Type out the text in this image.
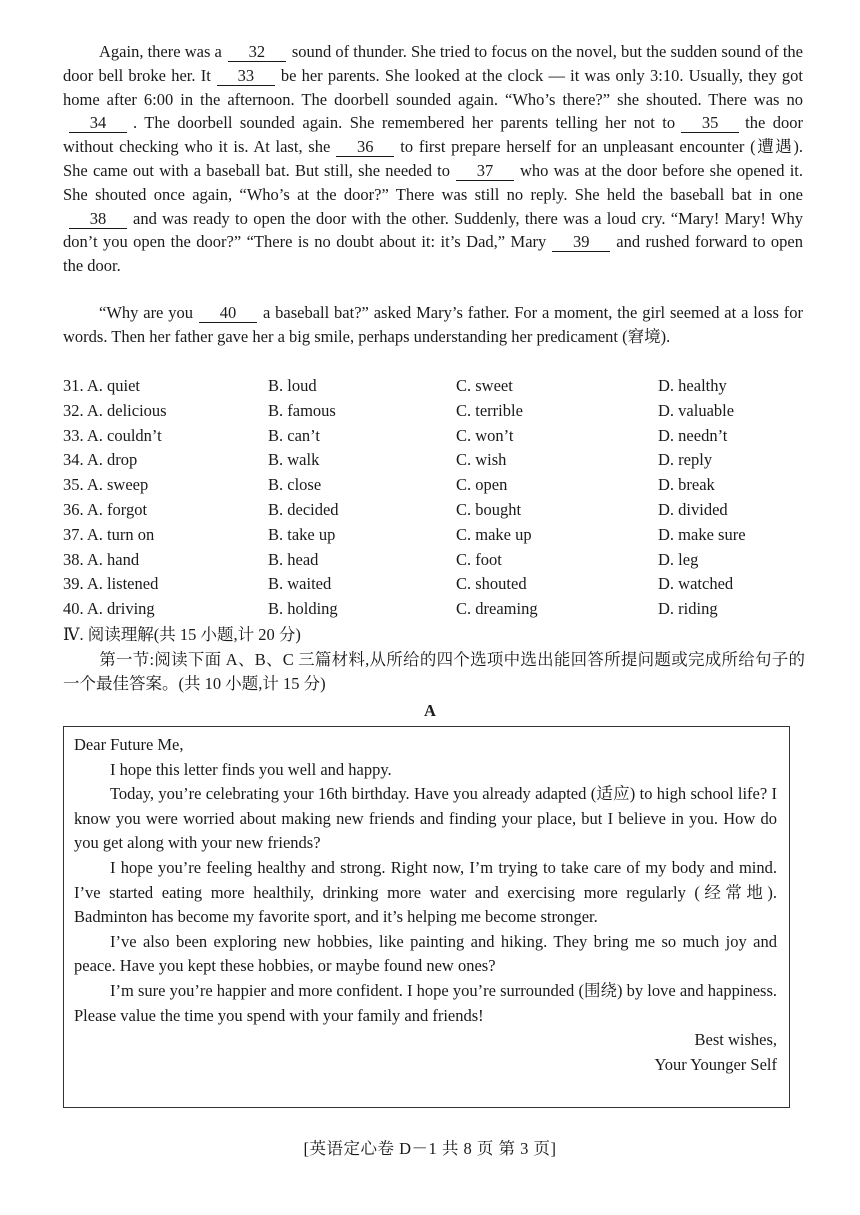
Again, there was a 32 sound of thunder. She tried to focus on the novel, but the sudden sound of the door bell broke her. It 33 be her parents. She looked at the clock — it was only 3:10. Usually, they got home after 6:00 in the afternoon. The doorbell sounded again. “Who’s there?” she shouted. There was no34 . The doorbell sounded again. She remembered her parents telling her not to 35 the door without checking who it is. At last, she 36 to first prepare herself for an unpleasant encounter (遭遇). She came out with a baseball bat. But still, she needed to 37 who was at the door before she opened it. She shouted once again, “Who’s at the door?” There was still no reply. She held the baseball bat in one38 and was ready to open the door with the other. Suddenly, there was a loud cry. “Mary! Mary! Why don’t you open the door?” “There is no doubt about it: it’s Dad,” Mary 39 and rushed forward to open the door.

“Why are you 40 a baseball bat?” asked Mary’s father. For a moment, the girl seemed at a loss for words. Then her father gave her a big smile, perhaps understanding her predicament (窘境).

31. A. quiet	B. loud	C. sweet	D. healthy
32. A. delicious	B. famous	C. terrible	D. valuable
33. A. couldn’t	B. can’t	C. won’t	D. needn’t
34. A. drop	B. walk	C. wish	D. reply
35. A. sweep	B. close	C. open	D. break
36. A. forgot	B. decided	C. bought	D. divided
37. A. turn on	B. take up	C. make up	D. make sure
38. A. hand	B. head	C. foot	D. leg
39. A. listened	B. waited	C. shouted	D. watched
40. A. driving	B. holding	C. dreaming	D. riding
Ⅳ. 阅读理解(共 15 小题,计 20 分)
第一节:阅读下面 A、B、C 三篇材料,从所给的四个选项中选出能回答所提问题或完成所给句子的一个最佳答案。(共 10 小题,计 15 分)
A

Dear Future Me,

I hope this letter finds you well and happy.

Today, you’re celebrating your 16th birthday. Have you already adapted (适应) to high school life? I know you were worried about making new friends and finding your place, but I believe in you. How do you get along with your new friends?

I hope you’re feeling healthy and strong. Right now, I’m trying to take care of my body and mind. I’ve started eating more healthily, drinking more water and exercising more regularly (经常地). Badminton has become my favorite sport, and it’s helping me become stronger.

I’ve also been exploring new hobbies, like painting and hiking. They bring me so much joy and peace. Have you kept these hobbies, or maybe found new ones?

I’m sure you’re happier and more confident. I hope you’re surrounded (围绕) by love and happiness. Please value the time you spend with your family and friends!

Best wishes,

Your Younger Self

[英语定心卷 D－1 共 8 页 第 3 页]
